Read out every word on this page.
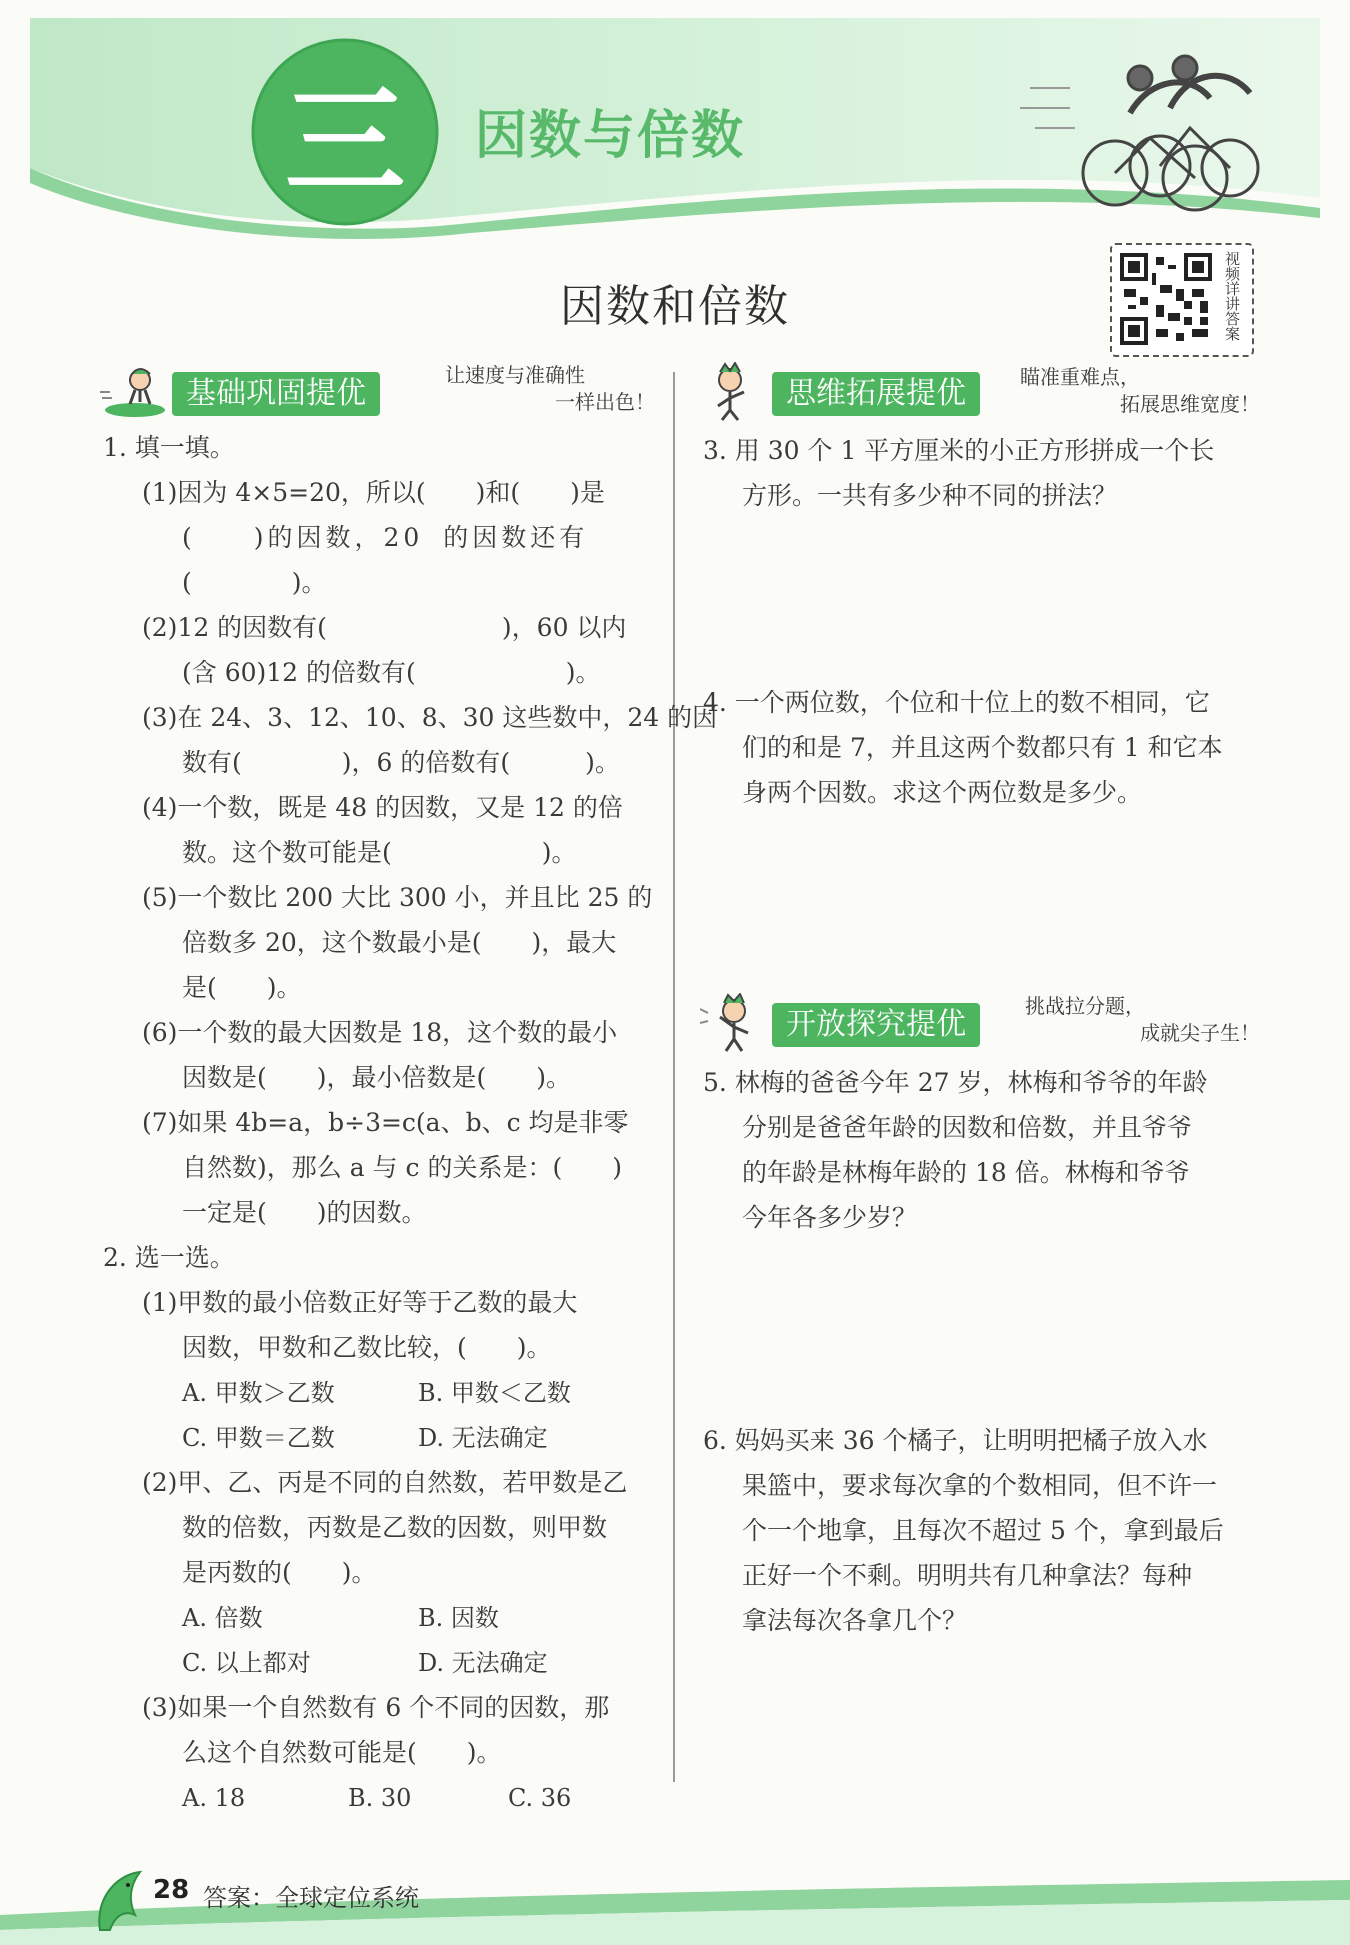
三	因数与倍数
因数和倍数	视频详讲答案
基础巩固提优
让速度与准确性
一样出色！	思维拓展提优	瞄准重难点，
拓展思维宽度！
1. 填一填。
(1)因为 4×5=20，所以(　　)和(　　)是
(　　)的因数，20 的因数还有
(　　　　)。
(2)12 的因数有(　　　　　　　)，60 以内
(含 60)12 的倍数有(　　　　　　)。
(3)在 24、3、12、10、8、30 这些数中，24 的因
数有(　　　　)，6 的倍数有(　　　)。
(4)一个数，既是 48 的因数，又是 12 的倍
数。这个数可能是(　　　　　　)。
(5)一个数比 200 大比 300 小，并且比 25 的
倍数多 20，这个数最小是(　　)，最大
是(　　)。
(6)一个数的最大因数是 18，这个数的最小
因数是(　　)，最小倍数是(　　)。
(7)如果 4b=a，b÷3=c(a、b、c 均是非零
自然数)，那么 a 与 c 的关系是：(　　)
一定是(　　)的因数。
2. 选一选。
(1)甲数的最小倍数正好等于乙数的最大
因数，甲数和乙数比较，(　　)。
A. 甲数＞乙数	B. 甲数＜乙数
C. 甲数＝乙数	D. 无法确定
(2)甲、乙、丙是不同的自然数，若甲数是乙
数的倍数，丙数是乙数的因数，则甲数
是丙数的(　　)。
A. 倍数	B. 因数
C. 以上都对	D. 无法确定
(3)如果一个自然数有 6 个不同的因数，那
么这个自然数可能是(　　)。
A. 18	B. 30	C. 36
3. 用 30 个 1 平方厘米的小正方形拼成一个长
方形。一共有多少种不同的拼法？
4. 一个两位数，个位和十位上的数不相同，它
们的和是 7，并且这两个数都只有 1 和它本
身两个因数。求这个两位数是多少。
开放探究提优
挑战拉分题，
成就尖子生！
5. 林梅的爸爸今年 27 岁，林梅和爷爷的年龄
分别是爸爸年龄的因数和倍数，并且爷爷
的年龄是林梅年龄的 18 倍。林梅和爷爷
今年各多少岁？
6. 妈妈买来 36 个橘子，让明明把橘子放入水
果篮中，要求每次拿的个数相同，但不许一
个一个地拿，且每次不超过 5 个，拿到最后
正好一个不剩。明明共有几种拿法？每种
拿法每次各拿几个？
28 答案：全球定位系统
